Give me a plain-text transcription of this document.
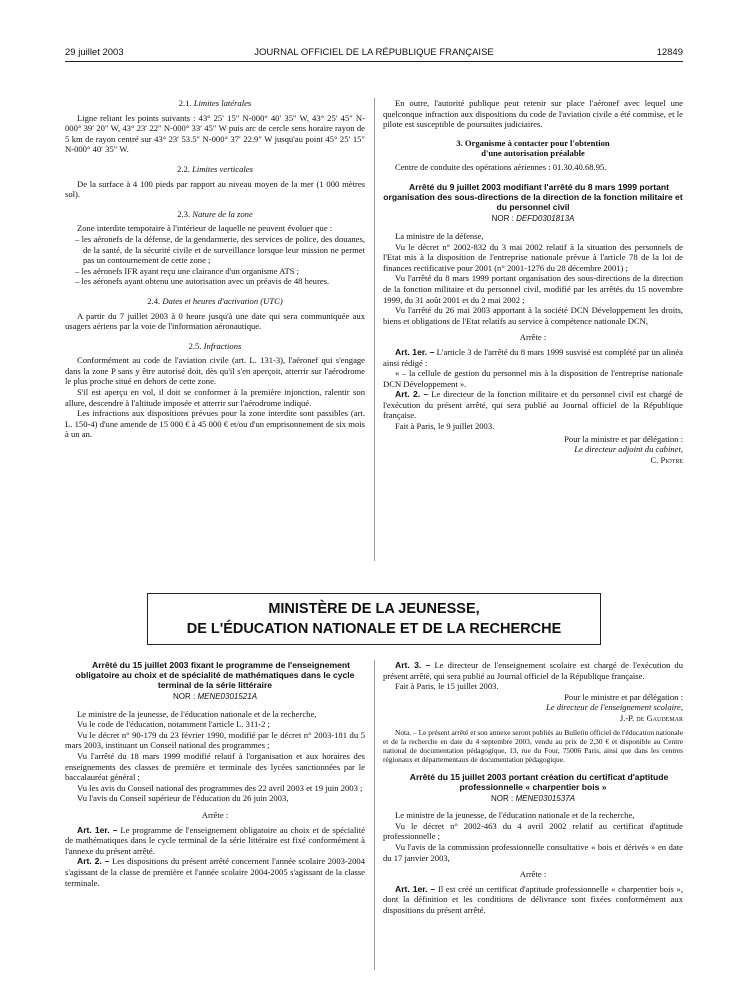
29 juillet 2003	JOURNAL OFFICIEL DE LA RÉPUBLIQUE FRANÇAISE	12849

2.1. Limites latérales

Ligne reliant les points suivants : 43° 25′ 15″ N-000° 40′ 35″ W, 43° 25′ 45″ N-000° 39′ 20″ W, 43° 23′ 22″ N-000° 33′ 45″ W puis arc de cercle sens horaire rayon de 5 km de rayon centré sur 43° 23′ 53.5″ N-000° 37′ 22.9″ W jusqu'au point 45° 25′ 15″ N-000° 40′ 35″ W.

2.2. Limites verticales

De la surface à 4 100 pieds par rapport au niveau moyen de la mer (1 000 mètres sol).

2.3. Nature de la zone

Zone interdite temporaire à l'intérieur de laquelle ne peuvent évoluer que :

– les aéronefs de la défense, de la gendarmerie, des services de police, des douanes, de la santé, de la sécurité civile et de surveillance lorsque leur mission ne permet pas un contournement de cette zone ;
– les aéronefs IFR ayant reçu une clairance d'un organisme ATS ;
– les aéronefs ayant obtenu une autorisation avec un préavis de 48 heures.

2.4. Dates et heures d'activation (UTC)

A partir du 7 juillet 2003 à 0 heure jusqu'à une date qui sera communiquée aux usagers aériens par la voie de l'information aéronautique.

2.5. Infractions

Conformément au code de l'aviation civile (art. L. 131-3), l'aéronef qui s'engage dans la zone P sans y être autorisé doit, dès qu'il s'en aperçoit, atterrir sur l'aérodrome le plus proche situé en dehors de cette zone.

S'il est aperçu en vol, il doit se conformer à la première injonction, ralentir son allure, descendre à l'altitude imposée et atterrir sur l'aérodrome indiqué.

Les infractions aux dispositions prévues pour la zone interdite sont passibles (art. L. 150-4) d'une amende de 15 000 € à 45 000 € et/ou d'un emprisonnement de six mois à un an.

En outre, l'autorité publique peut retenir sur place l'aéronef avec lequel une quelconque infraction aux dispositions du code de l'aviation civile a été commise, et le pilote est susceptible de poursuites judiciaires.

3. Organisme à contacter pour l'obtention
d'une autorisation préalable

Centre de conduite des opérations aériennes : 01.30.40.68.95.

Arrêté du 9 juillet 2003 modifiant l'arrêté du 8 mars 1999 portant organisation des sous-directions de la direction de la fonction militaire et du personnel civil

NOR : DEFD0301813A

La ministre de la défense,

Vu le décret n° 2002-832 du 3 mai 2002 relatif à la situation des personnels de l'Etat mis à la disposition de l'entreprise nationale prévue à l'article 78 de la loi de finances rectificative pour 2001 (n° 2001-1276 du 28 décembre 2001) ;

Vu l'arrêté du 8 mars 1999 portant organisation des sous-directions de la direction de la fonction militaire et du personnel civil, modifié par les arrêtés du 15 novembre 1999, du 31 août 2001 et du 2 mai 2002 ;

Vu l'arrêté du 26 mai 2003 apportant à la société DCN Développement les droits, biens et obligations de l'Etat relatifs au service à compétence nationale DCN,

Arrête :

Art. 1er. – L'article 3 de l'arrêté du 8 mars 1999 susvisé est complété par un alinéa ainsi rédigé :

« – la cellule de gestion du personnel mis à la disposition de l'entreprise nationale DCN Développement ».

Art. 2. – Le directeur de la fonction militaire et du personnel civil est chargé de l'exécution du présent arrêté, qui sera publié au Journal officiel de la République française.

Fait à Paris, le 9 juillet 2003.

Pour la ministre et par délégation :

Le directeur adjoint du cabinet,

C. Piotre

MINISTÈRE DE LA JEUNESSE,
DE L'ÉDUCATION NATIONALE ET DE LA RECHERCHE

Arrêté du 15 juillet 2003 fixant le programme de l'enseignement obligatoire au choix et de spécialité de mathématiques dans le cycle terminal de la série littéraire

NOR : MENE0301521A

Le ministre de la jeunesse, de l'éducation nationale et de la recherche,

Vu le code de l'éducation, notamment l'article L. 311-2 ;

Vu le décret n° 90-179 du 23 février 1990, modifié par le décret n° 2003-181 du 5 mars 2003, instituant un Conseil national des programmes ;

Vu l'arrêté du 18 mars 1999 modifié relatif à l'organisation et aux horaires des enseignements des classes de première et terminale des lycées sanctionnées par le baccalauréat général ;

Vu les avis du Conseil national des programmes des 22 avril 2003 et 19 juin 2003 ;

Vu l'avis du Conseil supérieur de l'éducation du 26 juin 2003,

Arrête :

Art. 1er. – Le programme de l'enseignement obligatoire au choix et de spécialité de mathématiques dans le cycle terminal de la série littéraire est fixé conformément à l'annexe du présent arrêté.

Art. 2. – Les dispositions du présent arrêté concernent l'année scolaire 2003-2004 s'agissant de la classe de première et l'année scolaire 2004-2005 s'agissant de la classe terminale.

Art. 3. – Le directeur de l'enseignement scolaire est chargé de l'exécution du présent arrêté, qui sera publié au Journal officiel de la République française.

Fait à Paris, le 15 juillet 2003.

Pour le ministre et par délégation :

Le directeur de l'enseignement scolaire,

J.-P. de Gaudemar

Nota. – Le présent arrêté et son annexe seront publiés au Bulletin officiel de l'éducation nationale et de la recherche en date du 4 septembre 2003, vendu au prix de 2,30 € et disponible au Centre national de documentation pédagogique, 13, rue du Four, 75006 Paris, ainsi que dans les centres régionaux et départementaux de documentation pédagogique.

Arrêté du 15 juillet 2003 portant création du certificat d'aptitude professionnelle « charpentier bois »

NOR : MENE0301537A

Le ministre de la jeunesse, de l'éducation nationale et de la recherche,

Vu le décret n° 2002-463 du 4 avril 2002 relatif au certificat d'aptitude professionnelle ;

Vu l'avis de la commission professionnelle consultative « bois et dérivés » en date du 17 janvier 2003,

Arrête :

Art. 1er. – Il est créé un certificat d'aptitude professionnelle « charpentier bois », dont la définition et les conditions de délivrance sont fixées conformément aux dispositions du présent arrêté.
